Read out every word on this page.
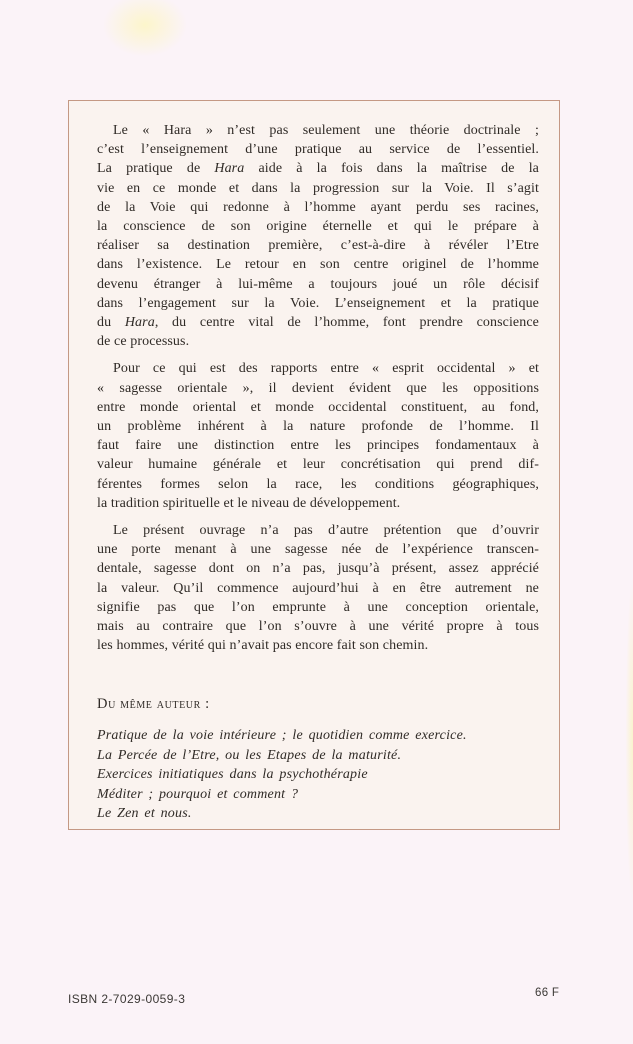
Le « Hara » n’est pas seulement une théorie doctrinale ;
c’est l’enseignement d’une pratique au service de l’essentiel.
La pratique de Hara aide à la fois dans la maîtrise de la
vie en ce monde et dans la progression sur la Voie. Il s’agit
de la Voie qui redonne à l’homme ayant perdu ses racines,
la conscience de son origine éternelle et qui le prépare à
réaliser sa destination première, c’est-à-dire à révéler l’Etre
dans l’existence. Le retour en son centre originel de l’homme
devenu étranger à lui-même a toujours joué un rôle décisif
dans l’engagement sur la Voie. L’enseignement et la pratique
du Hara, du centre vital de l’homme, font prendre conscience
de ce processus.
Pour ce qui est des rapports entre « esprit occidental » et
« sagesse orientale », il devient évident que les oppositions
entre monde oriental et monde occidental constituent, au fond,
un problème inhérent à la nature profonde de l’homme. Il
faut faire une distinction entre les principes fondamentaux à
valeur humaine générale et leur concrétisation qui prend dif-
férentes formes selon la race, les conditions géographiques,
la tradition spirituelle et le niveau de développement.
Le présent ouvrage n’a pas d’autre prétention que d’ouvrir
une porte menant à une sagesse née de l’expérience transcen-
dentale, sagesse dont on n’a pas, jusqu’à présent, assez apprécié
la valeur. Qu’il commence aujourd’hui à en être autrement ne
signifie pas que l’on emprunte à une conception orientale,
mais au contraire que l’on s’ouvre à une vérité propre à tous
les hommes, vérité qui n’avait pas encore fait son chemin.
Du même auteur :
Pratique de la voie intérieure ; le quotidien comme exercice.
La Percée de l’Etre, ou les Etapes de la maturité.
Exercices initiatiques dans la psychothérapie
Méditer ; pourquoi et comment ?
Le Zen et nous.
ISBN 2-7029-0059-3	66 F
